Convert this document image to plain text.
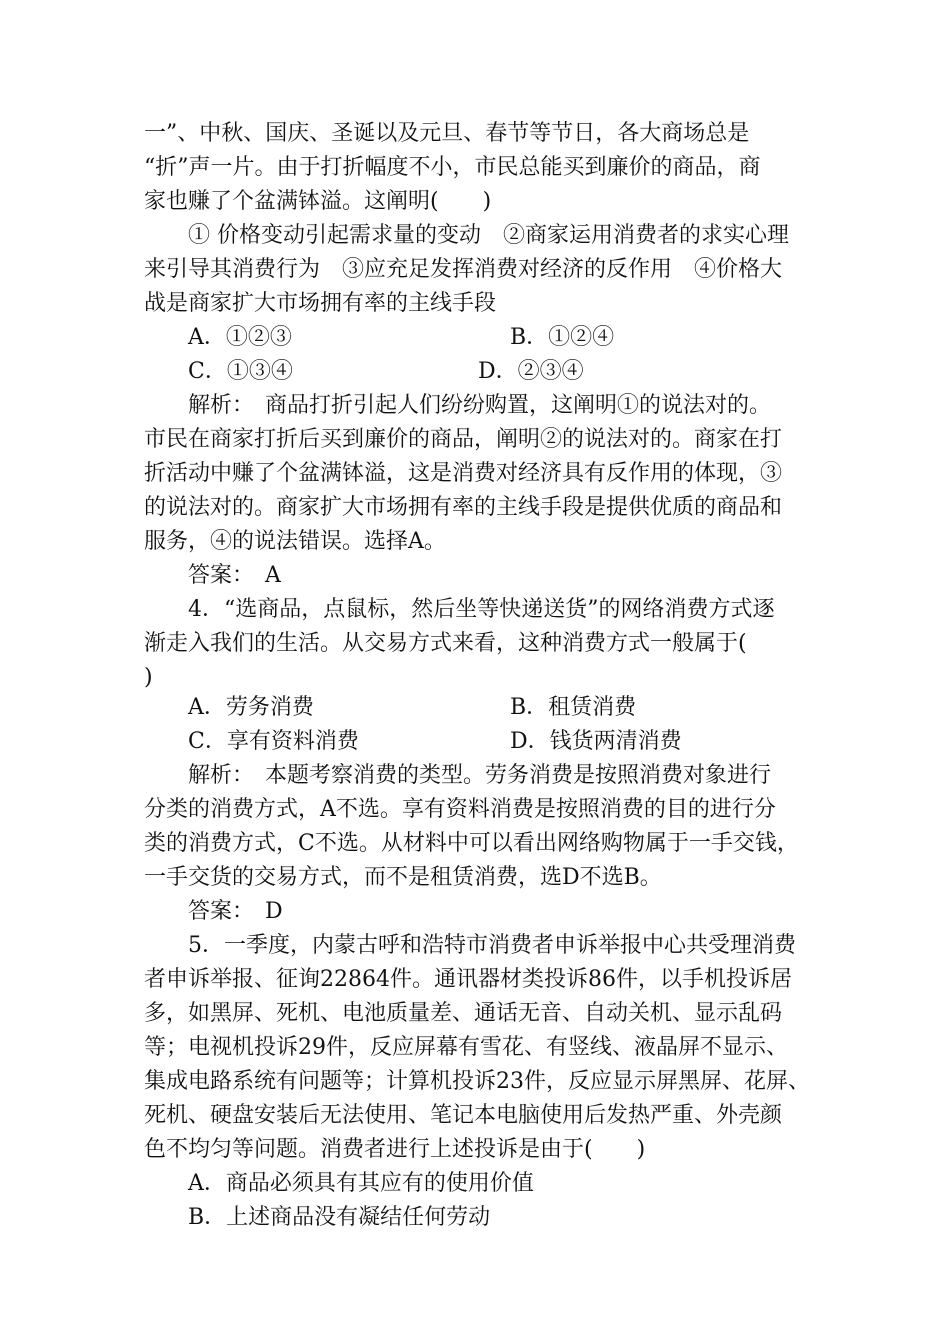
一”、中秋、国庆、圣诞以及元旦、春节等节日，各大商场总是
“折”声一片。由于打折幅度不小，市民总能买到廉价的商品，商
家也赚了个盆满钵溢。这阐明(　　)
① 价格变动引起需求量的变动　②商家运用消费者的求实心理
来引导其消费行为　③应充足发挥消费对经济的反作用　④价格大
战是商家扩大市场拥有率的主线手段
A．①②③	B．①②④
C．①③④	D．②③④
解析：　商品打折引起人们纷纷购置，这阐明①的说法对的。
市民在商家打折后买到廉价的商品，阐明②的说法对的。商家在打
折活动中赚了个盆满钵溢，这是消费对经济具有反作用的体现，③
的说法对的。商家扩大市场拥有率的主线手段是提供优质的商品和
服务，④的说法错误。选择A。
答案：　A
4．“选商品，点鼠标，然后坐等快递送货”的网络消费方式逐
渐走入我们的生活。从交易方式来看，这种消费方式一般属于(
)
A．劳务消费	B．租赁消费
C．享有资料消费	D．钱货两清消费
解析：　本题考察消费的类型。劳务消费是按照消费对象进行
分类的消费方式，A不选。享有资料消费是按照消费的目的进行分
类的消费方式，C不选。从材料中可以看出网络购物属于一手交钱，
一手交货的交易方式，而不是租赁消费，选D不选B。
答案：　D
5．一季度，内蒙古呼和浩特市消费者申诉举报中心共受理消费
者申诉举报、征询22864件。通讯器材类投诉86件，以手机投诉居
多，如黑屏、死机、电池质量差、通话无音、自动关机、显示乱码
等；电视机投诉29件，反应屏幕有雪花、有竖线、液晶屏不显示、
集成电路系统有问题等；计算机投诉23件，反应显示屏黑屏、花屏、
死机、硬盘安装后无法使用、笔记本电脑使用后发热严重、外壳颜
色不均匀等问题。消费者进行上述投诉是由于(　　)
A．商品必须具有其应有的使用价值
B．上述商品没有凝结任何劳动
